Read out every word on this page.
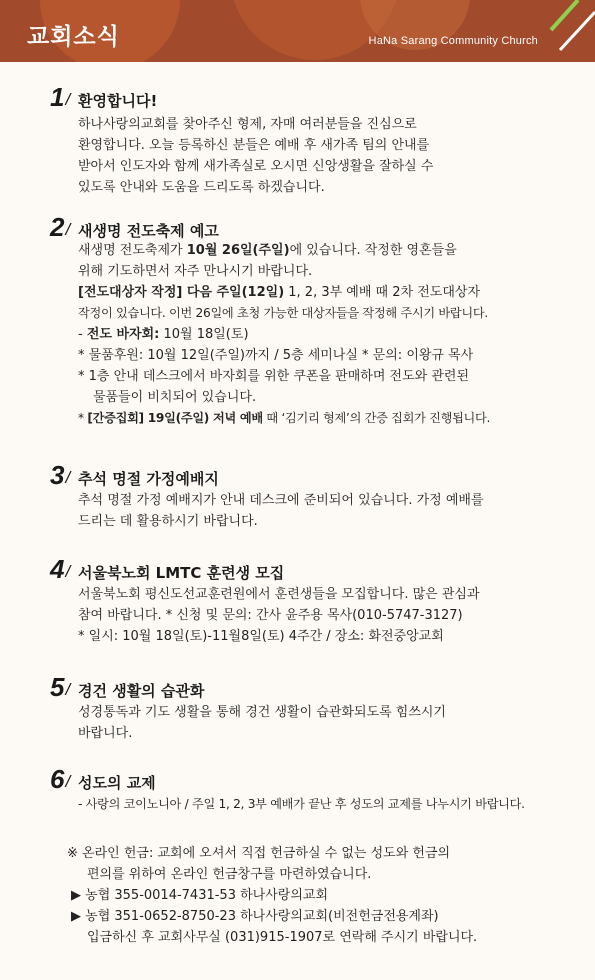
교회소식	HaNa Sarang Community Church
1/ 환영합니다!

하나사랑의교회를 찾아주신 형제, 자매 여러분들을 진심으로

환영합니다. 오늘 등록하신 분들은 예배 후 새가족 팀의 안내를

받아서 인도자와 함께 새가족실로 오시면 신앙생활을 잘하실 수

있도록 안내와 도움을 드리도록 하겠습니다.

2/ 새생명 전도축제 예고

새생명 전도축제가 10월 26일(주일)에 있습니다. 작정한 영혼들을

위해 기도하면서 자주 만나시기 바랍니다.

[전도대상자 작정] 다음 주일(12일) 1, 2, 3부 예배 때 2차 전도대상자

작정이 있습니다. 이번 26일에 초청 가능한 대상자들을 작정해 주시기 바랍니다.

- 전도 바자회: 10월 18일(토)

* 물품후원: 10월 12일(주일)까지 / 5층 세미나실 * 문의: 이왕규 목사

* 1층 안내 데스크에서 바자회를 위한 쿠폰을 판매하며 전도와 관련된

물품들이 비치되어 있습니다.

* [간증집회] 19일(주일) 저녁 예배 때 ‘김기리 형제’의 간증 집회가 진행됩니다.

3/ 추석 명절 가정예배지

추석 명절 가정 예배지가 안내 데스크에 준비되어 있습니다. 가정 예배를

드리는 데 활용하시기 바랍니다.

4/ 서울북노회 LMTC 훈련생 모집

서울북노회 평신도선교훈련원에서 훈련생들을 모집합니다. 많은 관심과

참여 바랍니다. * 신청 및 문의: 간사 윤주용 목사(010-5747-3127)

* 일시: 10월 18일(토)-11월8일(토) 4주간 / 장소: 화전중앙교회

5/ 경건 생활의 습관화

성경통독과 기도 생활을 통해 경건 생활이 습관화되도록 힘쓰시기

바랍니다.

6/ 성도의 교제

- 사랑의 코이노니아 / 주일 1, 2, 3부 예배가 끝난 후 성도의 교제를 나누시기 바랍니다.

※ 온라인 헌금: 교회에 오셔서 직접 헌금하실 수 없는 성도와 헌금의

편의를 위하여 온라인 헌금창구를 마련하였습니다.

▶ 농협 355-0014-7431-53 하나사랑의교회

▶ 농협 351-0652-8750-23 하나사랑의교회(비전헌금전용계좌)

입금하신 후 교회사무실 (031)915-1907로 연락해 주시기 바랍니다.
